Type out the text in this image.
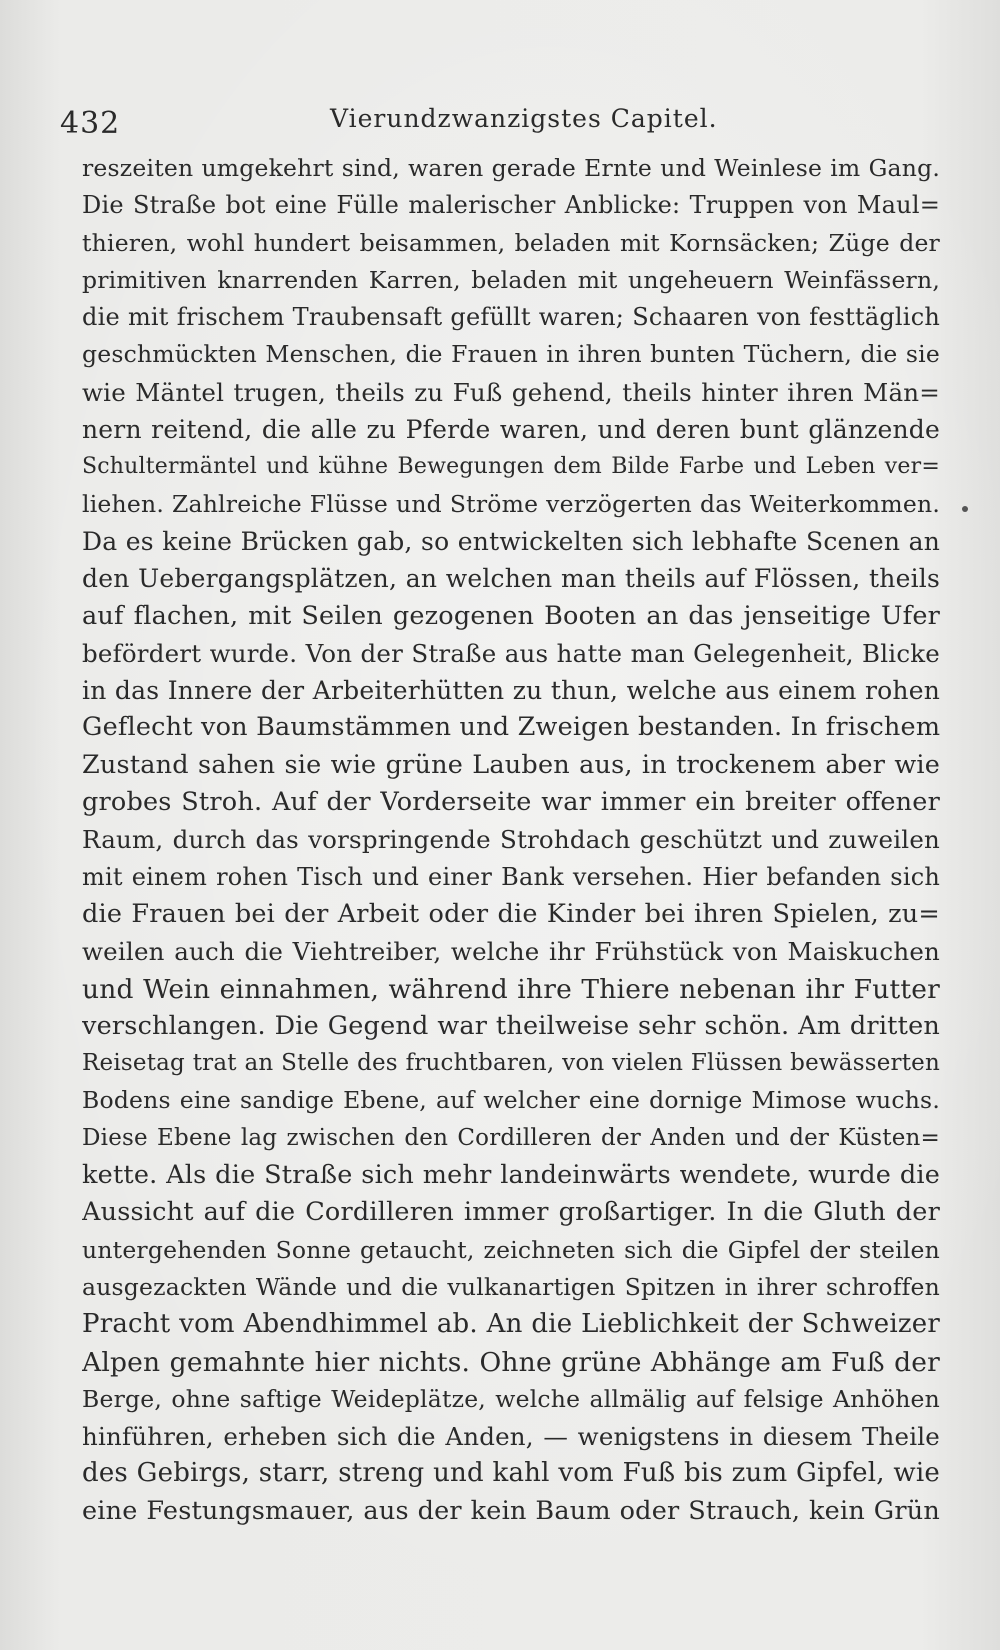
432	Vierundzwanzigstes Capitel.
reszeiten umgekehrt sind, waren gerade Ernte und Weinlese im Gang.
Die Straße bot eine Fülle malerischer Anblicke: Truppen von Maul=
thieren, wohl hundert beisammen, beladen mit Kornsäcken; Züge der
primitiven knarrenden Karren, beladen mit ungeheuern Weinfässern,
die mit frischem Traubensaft gefüllt waren; Schaaren von festtäglich
geschmückten Menschen, die Frauen in ihren bunten Tüchern, die sie
wie Mäntel trugen, theils zu Fuß gehend, theils hinter ihren Män=
nern reitend, die alle zu Pferde waren, und deren bunt glänzende
Schultermäntel und kühne Bewegungen dem Bilde Farbe und Leben ver=
liehen. Zahlreiche Flüsse und Ströme verzögerten das Weiterkommen.
Da es keine Brücken gab, so entwickelten sich lebhafte Scenen an
den Uebergangsplätzen, an welchen man theils auf Flössen, theils
auf flachen, mit Seilen gezogenen Booten an das jenseitige Ufer
befördert wurde. Von der Straße aus hatte man Gelegenheit, Blicke
in das Innere der Arbeiterhütten zu thun, welche aus einem rohen
Geflecht von Baumstämmen und Zweigen bestanden. In frischem
Zustand sahen sie wie grüne Lauben aus, in trockenem aber wie
grobes Stroh. Auf der Vorderseite war immer ein breiter offener
Raum, durch das vorspringende Strohdach geschützt und zuweilen
mit einem rohen Tisch und einer Bank versehen. Hier befanden sich
die Frauen bei der Arbeit oder die Kinder bei ihren Spielen, zu=
weilen auch die Viehtreiber, welche ihr Frühstück von Maiskuchen
und Wein einnahmen, während ihre Thiere nebenan ihr Futter
verschlangen. Die Gegend war theilweise sehr schön. Am dritten
Reisetag trat an Stelle des fruchtbaren, von vielen Flüssen bewässerten
Bodens eine sandige Ebene, auf welcher eine dornige Mimose wuchs.
Diese Ebene lag zwischen den Cordilleren der Anden und der Küsten=
kette. Als die Straße sich mehr landeinwärts wendete, wurde die
Aussicht auf die Cordilleren immer großartiger. In die Gluth der
untergehenden Sonne getaucht, zeichneten sich die Gipfel der steilen
ausgezackten Wände und die vulkanartigen Spitzen in ihrer schroffen
Pracht vom Abendhimmel ab. An die Lieblichkeit der Schweizer
Alpen gemahnte hier nichts. Ohne grüne Abhänge am Fuß der
Berge, ohne saftige Weideplätze, welche allmälig auf felsige Anhöhen
hinführen, erheben sich die Anden, — wenigstens in diesem Theile
des Gebirgs, starr, streng und kahl vom Fuß bis zum Gipfel, wie
eine Festungsmauer, aus der kein Baum oder Strauch, kein Grün
